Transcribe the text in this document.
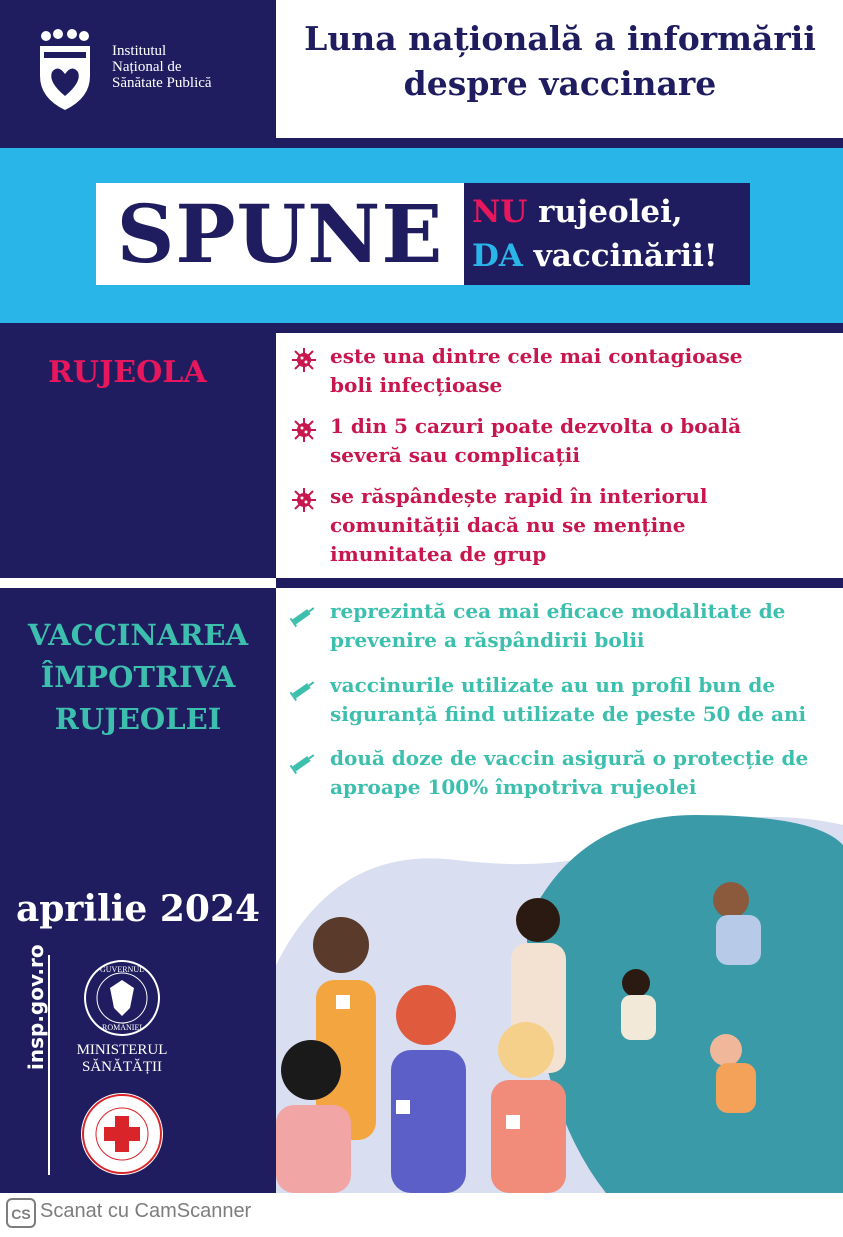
Institutul
Național de
Sănătate Publică
Luna națională a informării
despre vaccinare
SPUNE NU rujeolei,
DA vaccinării!
RUJEOLA	este una dintre cele mai contagioase
boli infecțioase
1 din 5 cazuri poate dezvolta o boală
severă sau complicații
se răspândește rapid în interiorul
comunității dacă nu se menține
imunitatea de grup
VACCINAREA
ÎMPOTRIVA
RUJEOLEI
reprezintă cea mai eficace modalitate de
prevenire a răspândirii bolii
vaccinurile utilizate au un profil bun de
siguranță fiind utilizate de peste 50 de ani
două doze de vaccin asigură o protecție de
aproape 100% împotriva rujeolei
aprilie 2024
insp.gov.ro	GUVERNUL
ROMÂNIEI
MINISTERUL
SĂNĂTĂȚII
CS Scanat cu CamScanner
